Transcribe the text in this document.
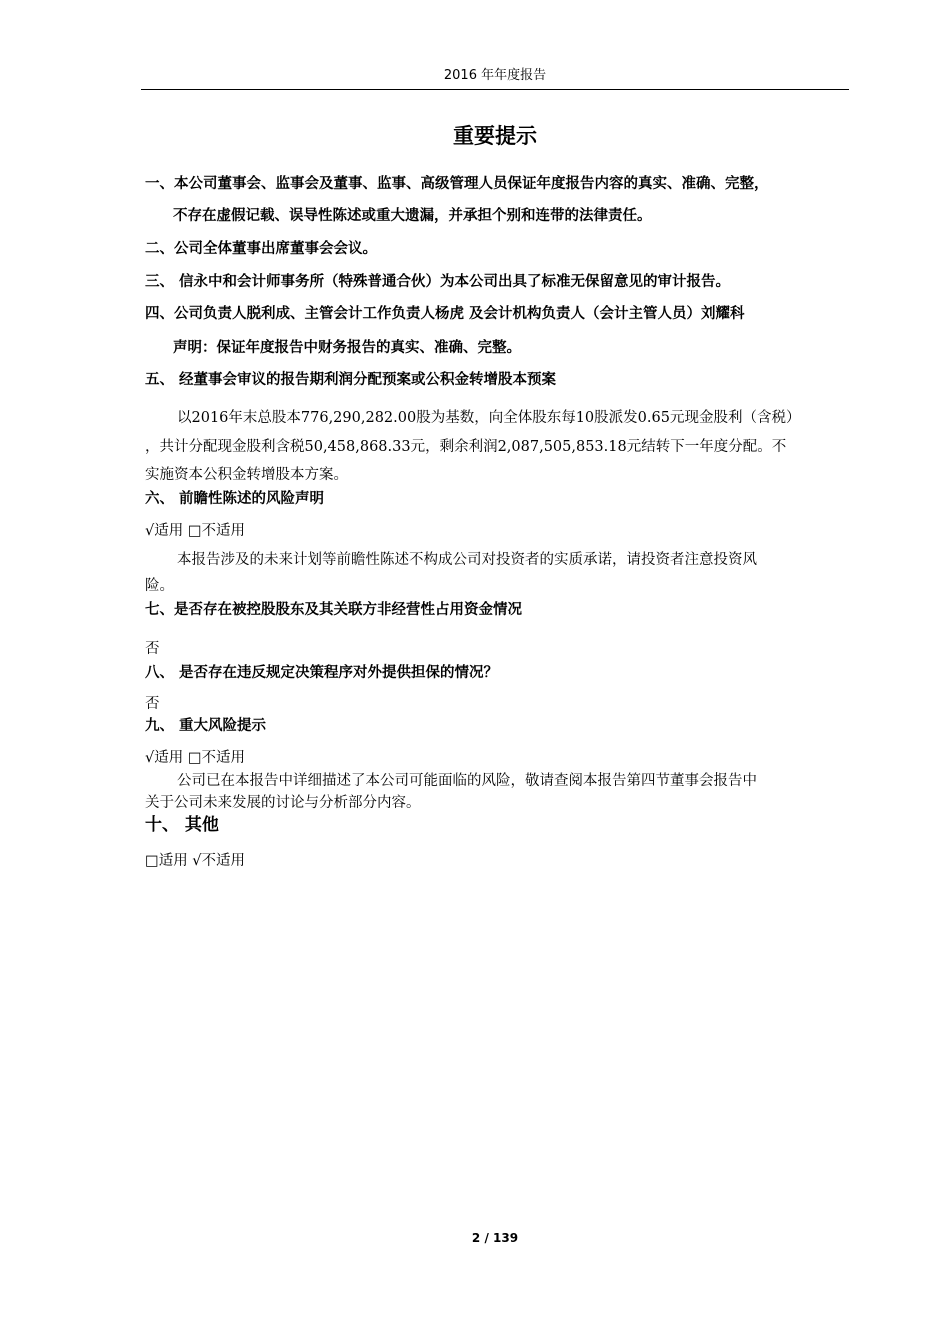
2016 年年度报告
重要提示
一、本公司董事会、监事会及董事、监事、高级管理人员保证年度报告内容的真实、准确、完整，
不存在虚假记载、误导性陈述或重大遗漏，并承担个别和连带的法律责任。
二、公司全体董事出席董事会会议。
三、 信永中和会计师事务所（特殊普通合伙）为本公司出具了标准无保留意见的审计报告。
四、公司负责人脱利成、主管会计工作负责人杨虎 及会计机构负责人（会计主管人员）刘耀科
声明：保证年度报告中财务报告的真实、准确、完整。
五、 经董事会审议的报告期利润分配预案或公积金转增股本预案
以2016年末总股本776,290,282.00股为基数，向全体股东每10股派发0.65元现金股利（含税）
，共计分配现金股利含税50,458,868.33元，剩余利润2,087,505,853.18元结转下一年度分配。不
实施资本公积金转增股本方案。
六、 前瞻性陈述的风险声明
√适用 □不适用
本报告涉及的未来计划等前瞻性陈述不构成公司对投资者的实质承诺，请投资者注意投资风
险。
七、是否存在被控股股东及其关联方非经营性占用资金情况
否
八、 是否存在违反规定决策程序对外提供担保的情况？
否
九、 重大风险提示
√适用 □不适用
公司已在本报告中详细描述了本公司可能面临的风险，敬请查阅本报告第四节董事会报告中
关于公司未来发展的讨论与分析部分内容。
十、 其他
□适用 √不适用
2 / 139
